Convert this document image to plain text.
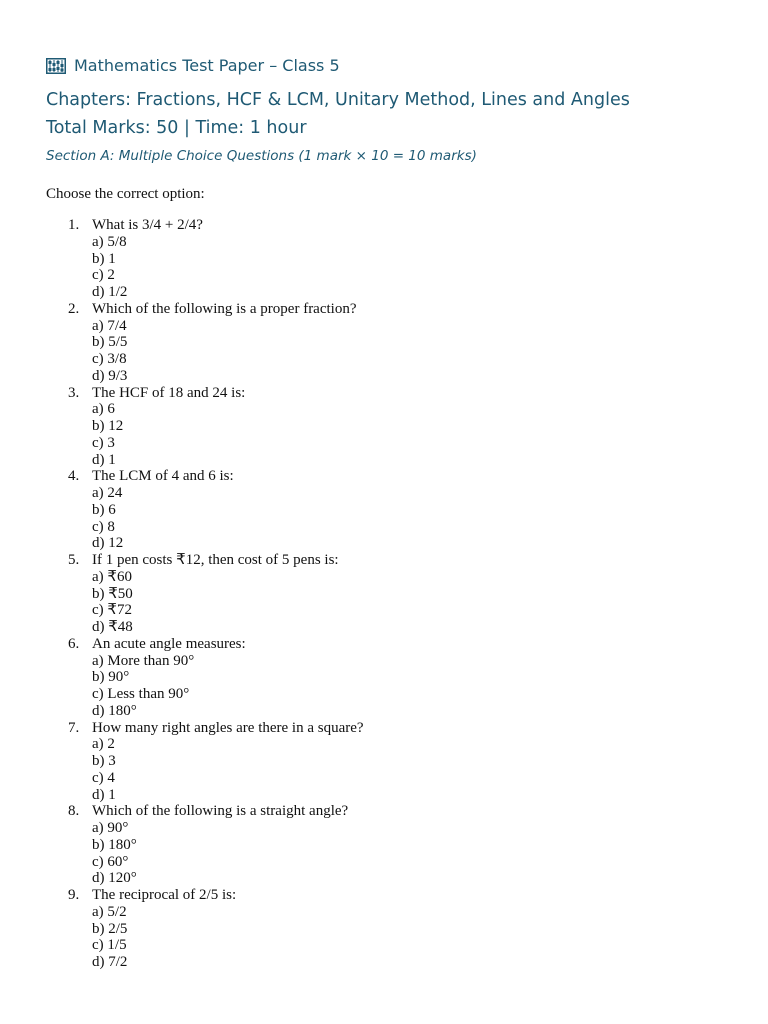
Mathematics Test Paper – Class 5
Chapters: Fractions, HCF & LCM, Unitary Method, Lines and Angles
Total Marks: 50 | Time: 1 hour
Section A: Multiple Choice Questions (1 mark × 10 = 10 marks)
Choose the correct option:
1. What is 3/4 + 2/4?
a) 5/8
b) 1
c) 2
d) 1/2
2. Which of the following is a proper fraction?
a) 7/4
b) 5/5
c) 3/8
d) 9/3
3. The HCF of 18 and 24 is:
a) 6
b) 12
c) 3
d) 1
4. The LCM of 4 and 6 is:
a) 24
b) 6
c) 8
d) 12
5. If 1 pen costs ₹12, then cost of 5 pens is:
a) ₹60
b) ₹50
c) ₹72
d) ₹48
6. An acute angle measures:
a) More than 90°
b) 90°
c) Less than 90°
d) 180°
7. How many right angles are there in a square?
a) 2
b) 3
c) 4
d) 1
8. Which of the following is a straight angle?
a) 90°
b) 180°
c) 60°
d) 120°
9. The reciprocal of 2/5 is:
a) 5/2
b) 2/5
c) 1/5
d) 7/2
